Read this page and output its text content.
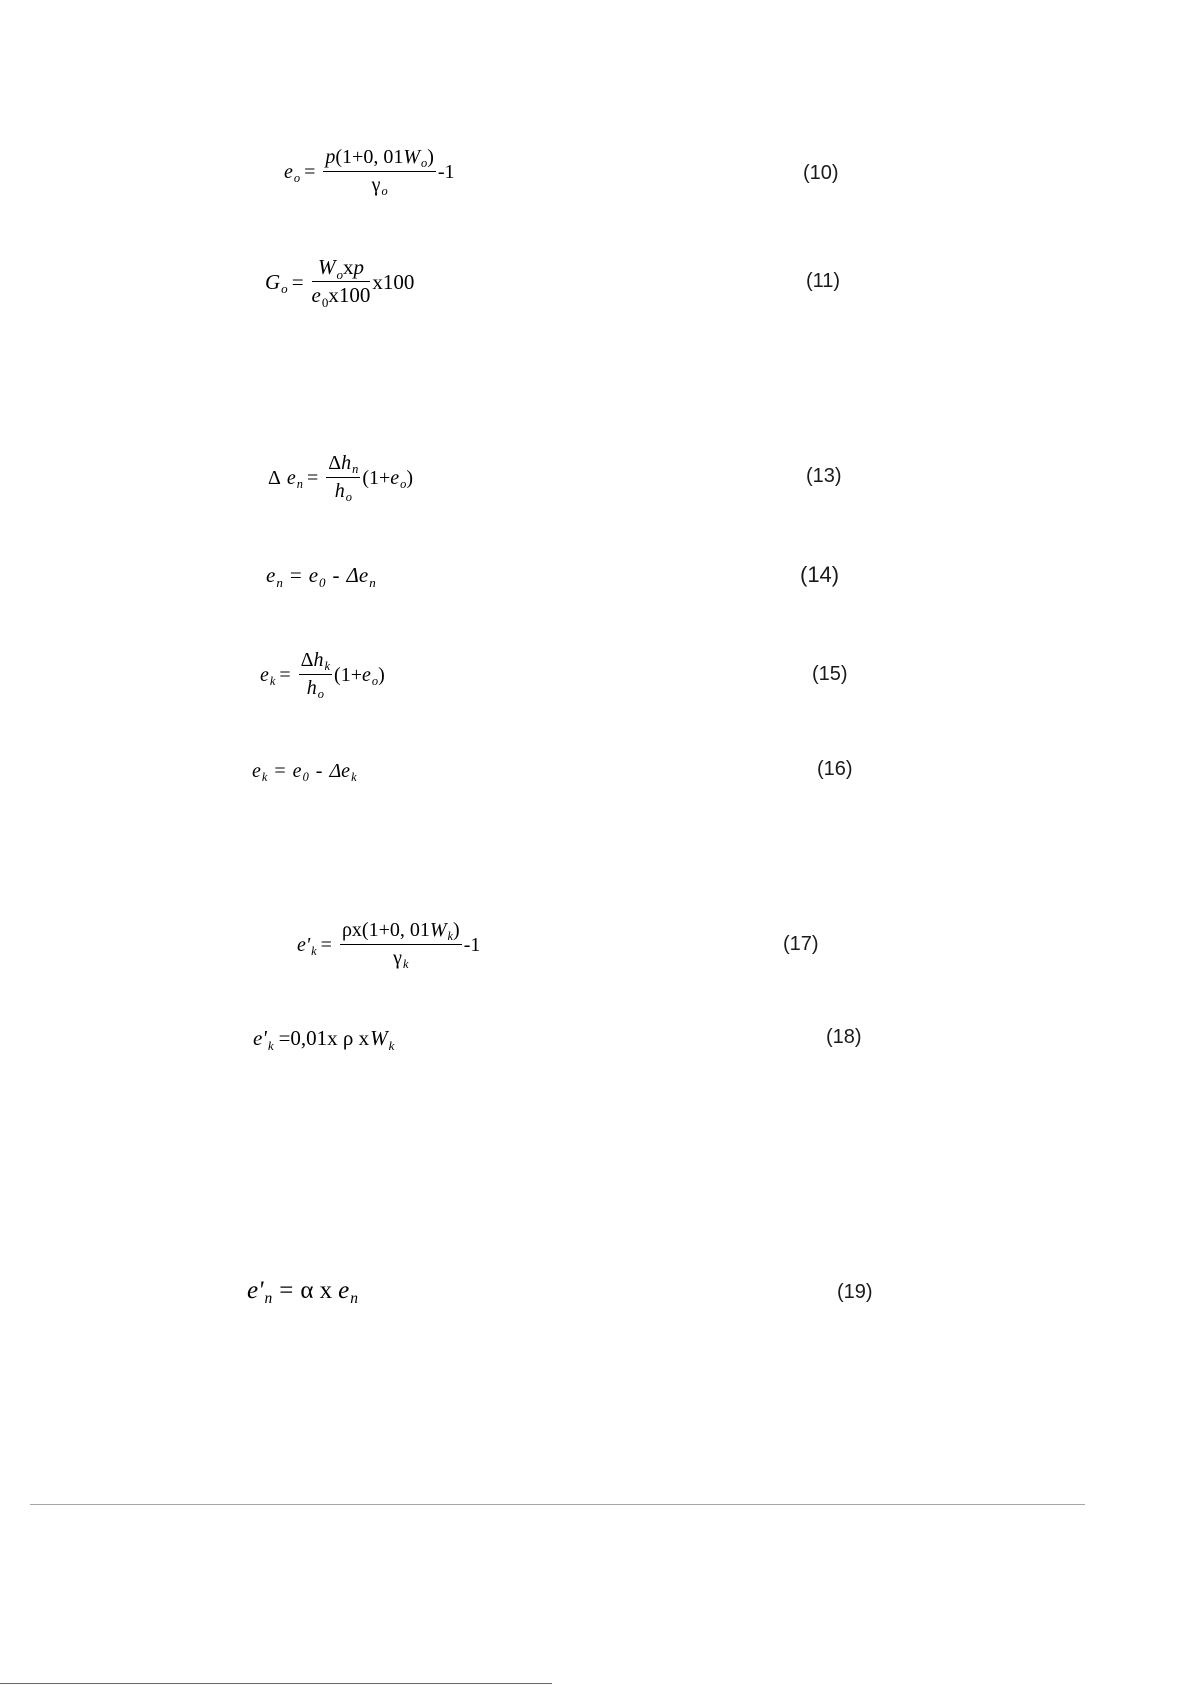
e $o = \frac{\text{p (1+0, 01 W o )}}{\text{γ o}} -1$	(10)
G $o = \frac{\text{W o x p}}{e 0 x100} x100$	(11)
Δ e $n = \frac{\text{Δ h n}}{\text{h o}} (1+ e$ o )	(13)
e n = e 0 - Δe n	(14)
e $k = \frac{\text{Δ h k}}{\text{h o}} (1+ e$ o )	(15)
e k = e 0 - Δe k	(16)
e' $k = \frac{\text{ρx(1+0, 01 W k )}}{\text{γ k}} -1$	(17)
e' k =0,01x ρ x W k	(18)
e' n = α x e n	(19)
